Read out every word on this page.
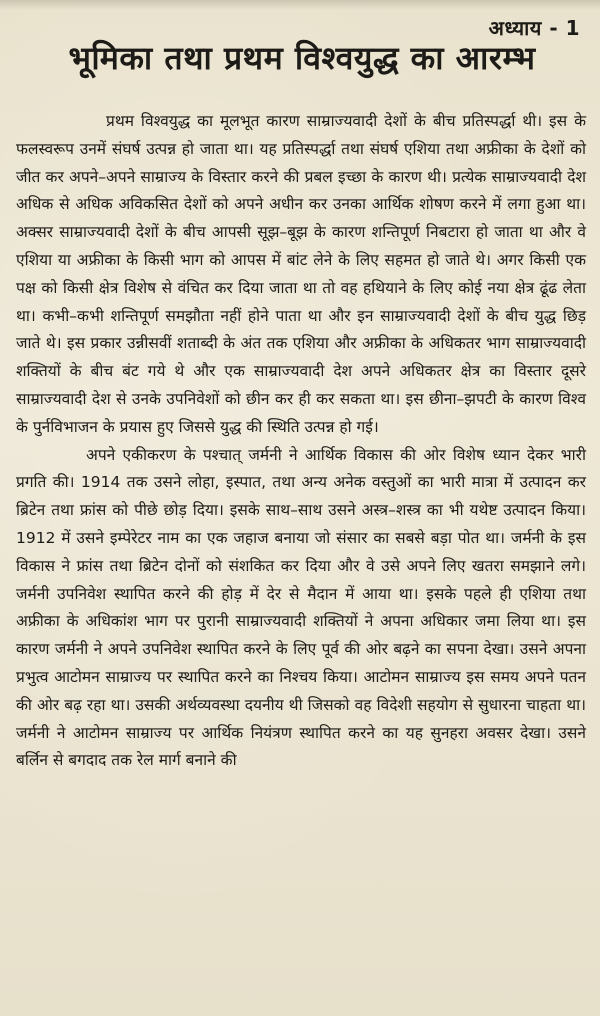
अध्याय - 1
भूमिका तथा प्रथम विश्वयुद्ध का आरम्भ

प्रथम विश्वयुद्ध का मूलभूत कारण साम्राज्यवादी देशों के बीच प्रतिस्पर्द्धा थी। इस के फलस्वरूप उनमें संघर्ष उत्पन्न हो जाता था। यह प्रतिस्पर्द्धा तथा संघर्ष एशिया तथा अफ्रीका के देशों को जीत कर अपने–अपने साम्राज्य के विस्तार करने की प्रबल इच्छा के कारण थी। प्रत्येक साम्राज्यवादी देश अधिक से अधिक अविकसित देशों को अपने अधीन कर उनका आर्थिक शोषण करने में लगा हुआ था। अक्सर साम्राज्यवादी देशों के बीच आपसी सूझ–बूझ के कारण शन्तिपूर्ण निबटारा हो जाता था और वे एशिया या अफ्रीका के किसी भाग को आपस में बांट लेने के लिए सहमत हो जाते थे। अगर किसी एक पक्ष को किसी क्षेत्र विशेष से वंचित कर दिया जाता था तो वह हथियाने के लिए कोई नया क्षेत्र ढूंढ लेता था। कभी–कभी शन्तिपूर्ण समझौता नहीं होने पाता था और इन साम्राज्यवादी देशों के बीच युद्ध छिड़ जाते थे। इस प्रकार उन्नीसवीं शताब्दी के अंत तक एशिया और अफ्रीका के अधिकतर भाग साम्राज्यवादी शक्तियों के बीच बंट गये थे और एक साम्राज्यवादी देश अपने अधिकतर क्षेत्र का विस्तार दूसरे साम्राज्यवादी देश से उनके उपनिवेशों को छीन कर ही कर सकता था। इस छीना–झपटी के कारण विश्व के पुर्नविभाजन के प्रयास हुए जिससे युद्ध की स्थिति उत्पन्न हो गई।

अपने एकीकरण के पश्चात् जर्मनी ने आर्थिक विकास की ओर विशेष ध्यान देकर भारी प्रगति की। 1914 तक उसने लोहा, इस्पात, तथा अन्य अनेक वस्तुओं का भारी मात्रा में उत्पादन कर ब्रिटेन तथा फ्रांस को पीछे छोड़ दिया। इसके साथ–साथ उसने अस्त्र–शस्त्र का भी यथेष्ट उत्पादन किया। 1912 में उसने इम्पेरेटर नाम का एक जहाज बनाया जो संसार का सबसे बड़ा पोत था। जर्मनी के इस विकास ने फ्रांस तथा ब्रिटेन दोनों को संशकित कर दिया और वे उसे अपने लिए खतरा समझाने लगे। जर्मनी उपनिवेश स्थापित करने की होड़ में देर से मैदान में आया था। इसके पहले ही एशिया तथा अफ्रीका के अधिकांश भाग पर पुरानी साम्राज्यवादी शक्तियों ने अपना अधिकार जमा लिया था। इस कारण जर्मनी ने अपने उपनिवेश स्थापित करने के लिए पूर्व की ओर बढ़ने का सपना देखा। उसने अपना प्रभुत्व आटोमन साम्राज्य पर स्थापित करने का निश्चय किया। आटोमन साम्राज्य इस समय अपने पतन की ओर बढ़ रहा था। उसकी अर्थव्यवस्था दयनीय थी जिसको वह विदेशी सहयोग से सुधारना चाहता था। जर्मनी ने आटोमन साम्राज्य पर आर्थिक नियंत्रण स्थापित करने का यह सुनहरा अवसर देखा। उसने बर्लिन से बगदाद तक रेल मार्ग बनाने की
